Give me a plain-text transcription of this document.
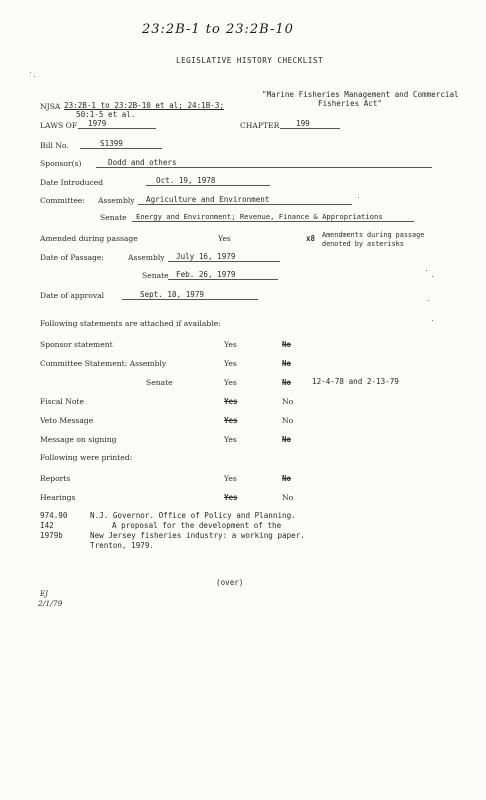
23:2B-1 to 23:2B-10
LEGISLATIVE HISTORY CHECKLIST
"Marine Fisheries Management and Commercial
Fisheries Act"
NJSA 23:2B-1 to 23:2B-10 et al; 24:1B-3;
50:1-5 et al.
LAWS OF 1979	CHAPTER 199
Bill No.	S1399
Sponsor(s)	Dodd and others
Date Introduced	Oct. 19, 1978
Committee: Assembly Agriculture and Environment
Senate Energy and Environment; Revenue, Finance & Appropriations
Amended during passage	Yes	x8 Amendments during passage
denoted by asterisks
Date of Passage:	Assembly July 16, 1979
Senate Feb. 26, 1979
Date of approval	Sept. 10, 1979
Following statements are attached if available:
Sponsor statement	Yes	No
Committee Statement: Assembly	Yes	No
Senate	Yes	No	12-4-78 and 2-13-79
Fiscal Note	Yes	No
Veto Message	Yes	No
Message on signing	Yes	No
Following were printed:
Reports	Yes	No
Hearings	Yes	No
974.90
I42
1979b
N.J. Governor. Office of Policy and Planning.
A proposal for the development of the
New Jersey fisheries industry: a working paper.
Trenton, 1979.
(over)
EJ
2/1/79
